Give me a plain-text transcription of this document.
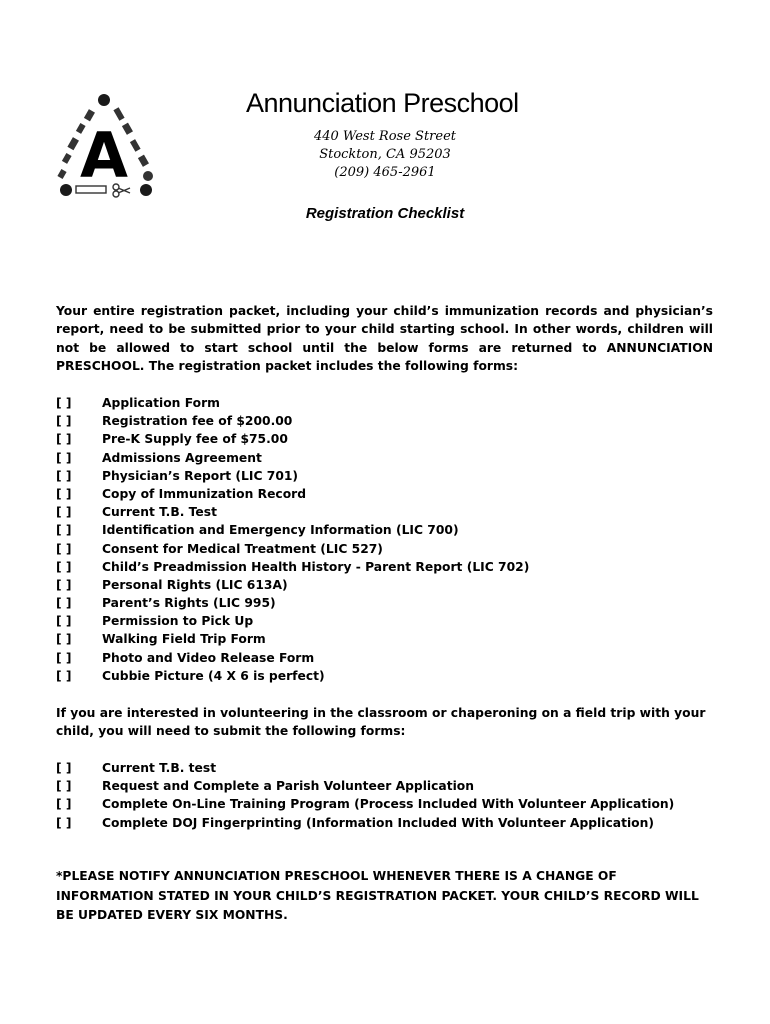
A
Annunciation Preschool
440 West Rose Street
Stockton, CA 95203
(209) 465-2961
Registration Checklist

Your entire registration packet, including your child’s immunization records and physician’s report, need to be submitted prior to your child starting school. In other words, children will not be allowed to start school until the below forms are returned to ANNUNCIATION PRESCHOOL. The registration packet includes the following forms:

[ ]	Application Form
[ ]	Registration fee of $200.00
[ ]	Pre-K Supply fee of $75.00
[ ]	Admissions Agreement
[ ]	Physician’s Report (LIC 701)
[ ]	Copy of Immunization Record
[ ]	Current T.B. Test
[ ]	Identification and Emergency Information (LIC 700)
[ ]	Consent for Medical Treatment (LIC 527)
[ ]	Child’s Preadmission Health History - Parent Report (LIC 702)
[ ]	Personal Rights (LIC 613A)
[ ]	Parent’s Rights (LIC 995)
[ ]	Permission to Pick Up
[ ]	Walking Field Trip Form
[ ]	Photo and Video Release Form
[ ]	Cubbie Picture (4 X 6 is perfect)

If you are interested in volunteering in the classroom or chaperoning on a field trip with your child, you will need to submit the following forms:

[ ]	Current T.B. test
[ ]	Request and Complete a Parish Volunteer Application
[ ]	Complete On-Line Training Program (Process Included With Volunteer Application)
[ ]	Complete DOJ Fingerprinting (Information Included With Volunteer Application)

*PLEASE NOTIFY ANNUNCIATION PRESCHOOL WHENEVER THERE IS A CHANGE OF INFORMATION STATED IN YOUR CHILD’S REGISTRATION PACKET. YOUR CHILD’S RECORD WILL BE UPDATED EVERY SIX MONTHS.
